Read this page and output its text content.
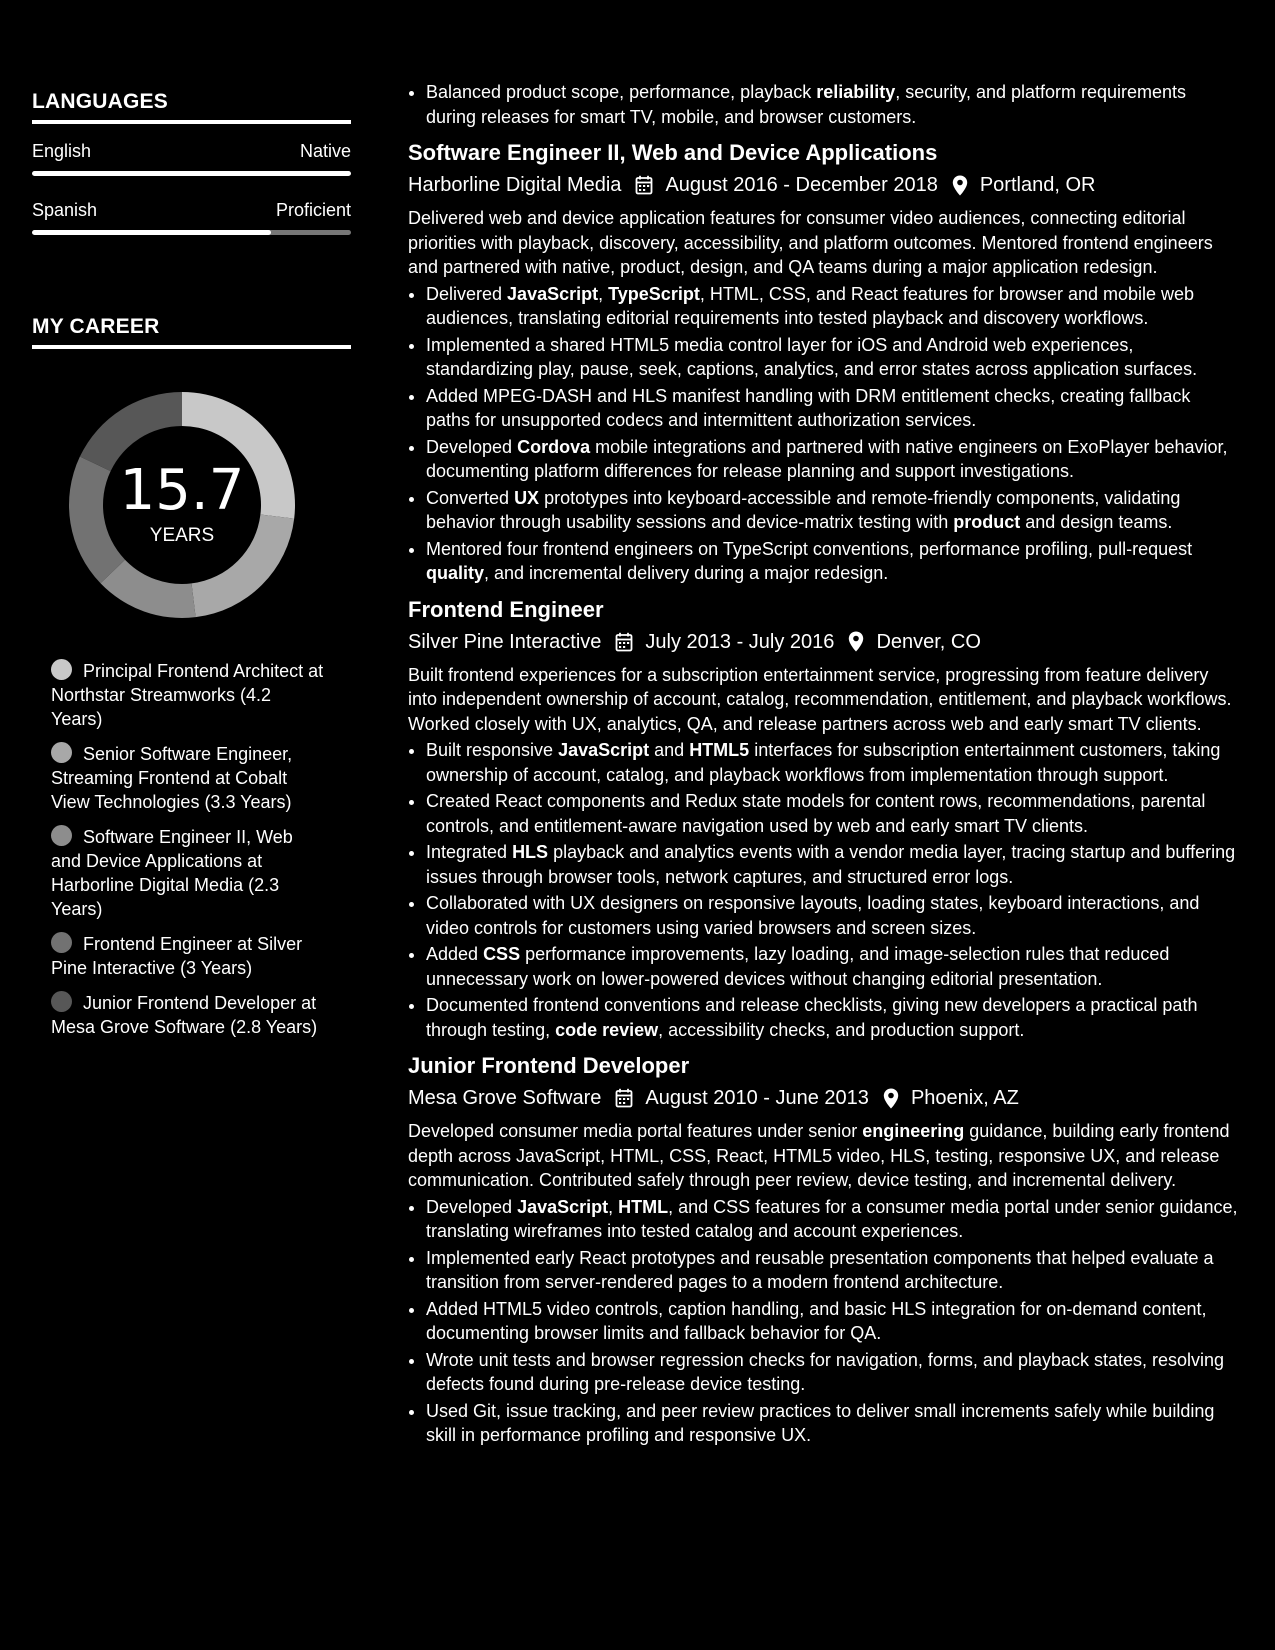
LANGUAGES
English	Native
Spanish	Proficient
MY CAREER
15.7
YEARS
Principal Frontend Architect at Northstar Streamworks (4.2 Years)
Senior Software Engineer, Streaming Frontend at Cobalt View Technologies (3.3 Years)
Software Engineer II, Web and Device Applications at Harborline Digital Media (2.3 Years)
Frontend Engineer at Silver Pine Interactive (3 Years)
Junior Frontend Developer at Mesa Grove Software (2.8 Years)
• Balanced product scope, performance, playback reliability, security, and platform requirements during releases for smart TV, mobile, and browser customers.
Software Engineer II, Web and Device Applications
Harborline Digital Media August 2016 - December 2018 Portland, OR
Delivered web and device application features for consumer video audiences, connecting editorial priorities with playback, discovery, accessibility, and platform outcomes. Mentored frontend engineers and partnered with native, product, design, and QA teams during a major application redesign.
• Delivered JavaScript, TypeScript, HTML, CSS, and React features for browser and mobile web audiences, translating editorial requirements into tested playback and discovery workflows.
• Implemented a shared HTML5 media control layer for iOS and Android web experiences, standardizing play, pause, seek, captions, analytics, and error states across application surfaces.
• Added MPEG-DASH and HLS manifest handling with DRM entitlement checks, creating fallback paths for unsupported codecs and intermittent authorization services.
• Developed Cordova mobile integrations and partnered with native engineers on ExoPlayer behavior, documenting platform differences for release planning and support investigations.
• Converted UX prototypes into keyboard-accessible and remote-friendly components, validating behavior through usability sessions and device-matrix testing with product and design teams.
• Mentored four frontend engineers on TypeScript conventions, performance profiling, pull-request quality, and incremental delivery during a major redesign.
Frontend Engineer
Silver Pine Interactive July 2013 - July 2016 Denver, CO
Built frontend experiences for a subscription entertainment service, progressing from feature delivery into independent ownership of account, catalog, recommendation, entitlement, and playback workflows. Worked closely with UX, analytics, QA, and release partners across web and early smart TV clients.
• Built responsive JavaScript and HTML5 interfaces for subscription entertainment customers, taking ownership of account, catalog, and playback workflows from implementation through support.
• Created React components and Redux state models for content rows, recommendations, parental controls, and entitlement-aware navigation used by web and early smart TV clients.
• Integrated HLS playback and analytics events with a vendor media layer, tracing startup and buffering issues through browser tools, network captures, and structured error logs.
• Collaborated with UX designers on responsive layouts, loading states, keyboard interactions, and video controls for customers using varied browsers and screen sizes.
• Added CSS performance improvements, lazy loading, and image-selection rules that reduced unnecessary work on lower-powered devices without changing editorial presentation.
• Documented frontend conventions and release checklists, giving new developers a practical path through testing, code review, accessibility checks, and production support.
Junior Frontend Developer
Mesa Grove Software August 2010 - June 2013 Phoenix, AZ
Developed consumer media portal features under senior engineering guidance, building early frontend depth across JavaScript, HTML, CSS, React, HTML5 video, HLS, testing, responsive UX, and release communication. Contributed safely through peer review, device testing, and incremental delivery.
• Developed JavaScript, HTML, and CSS features for a consumer media portal under senior guidance, translating wireframes into tested catalog and account experiences.
• Implemented early React prototypes and reusable presentation components that helped evaluate a transition from server-rendered pages to a modern frontend architecture.
• Added HTML5 video controls, caption handling, and basic HLS integration for on-demand content, documenting browser limits and fallback behavior for QA.
• Wrote unit tests and browser regression checks for navigation, forms, and playback states, resolving defects found during pre-release device testing.
• Used Git, issue tracking, and peer review practices to deliver small increments safely while building skill in performance profiling and responsive UX.
